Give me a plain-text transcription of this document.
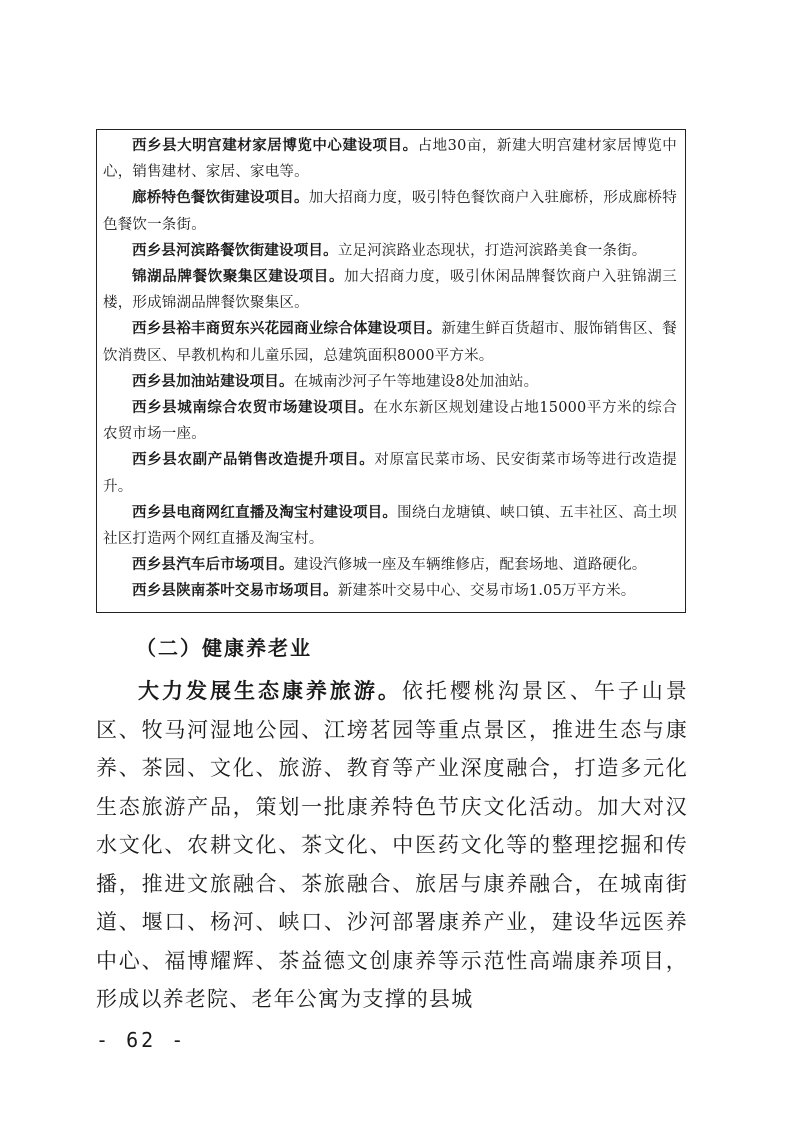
西乡县大明宫建材家居博览中心建设项目。占地30亩，新建大明宫建材家居博览中心，销售建材、家居、家电等。

廊桥特色餐饮街建设项目。加大招商力度，吸引特色餐饮商户入驻廊桥，形成廊桥特色餐饮一条街。

西乡县河滨路餐饮街建设项目。立足河滨路业态现状，打造河滨路美食一条街。

锦湖品牌餐饮聚集区建设项目。加大招商力度，吸引休闲品牌餐饮商户入驻锦湖三楼，形成锦湖品牌餐饮聚集区。

西乡县裕丰商贸东兴花园商业综合体建设项目。新建生鲜百货超市、服饰销售区、餐饮消费区、早教机构和儿童乐园，总建筑面积8000平方米。

西乡县加油站建设项目。在城南沙河子午等地建设8处加油站。

西乡县城南综合农贸市场建设项目。在水东新区规划建设占地15000平方米的综合农贸市场一座。

西乡县农副产品销售改造提升项目。对原富民菜市场、民安街菜市场等进行改造提升。

西乡县电商网红直播及淘宝村建设项目。围绕白龙塘镇、峡口镇、五丰社区、高土坝社区打造两个网红直播及淘宝村。

西乡县汽车后市场项目。建设汽修城一座及车辆维修店，配套场地、道路硬化。

西乡县陕南茶叶交易市场项目。新建茶叶交易中心、交易市场1.05万平方米。

（二）健康养老业

大力发展生态康养旅游。依托樱桃沟景区、午子山景区、牧马河湿地公园、江塝茗园等重点景区，推进生态与康养、茶园、文化、旅游、教育等产业深度融合，打造多元化生态旅游产品，策划一批康养特色节庆文化活动。加大对汉水文化、农耕文化、茶文化、中医药文化等的整理挖掘和传播，推进文旅融合、茶旅融合、旅居与康养融合，在城南街道、堰口、杨河、峡口、沙河部署康养产业，建设华远医养中心、福博耀辉、茶益德文创康养等示范性高端康养项目，形成以养老院、老年公寓为支撑的县城

- 62 -
